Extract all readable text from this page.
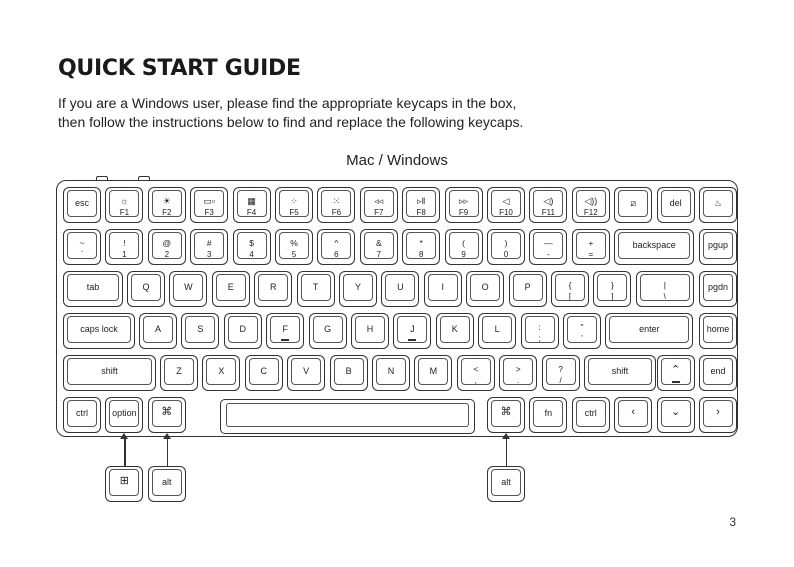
QUICK START GUIDE

If you are a Windows user, please find the appropriate keycaps in the box,
then follow the instructions below to find and replace the following keycaps.

Mac / Windows
esc	☼
F1
☀
F2
▭▫
F3
▦
F4
⁘
F5
⁙
F6
◃◃
F7
▹‖
F8
▹▹
F9
◁
F10
◁)
F11
◁))
F12
del
⧄	♨
~
`
!
1
@
2
#
3
$
4
%
5
^
6
&
7
*
8
(
9
)
0
—
-
+
=
backspace	pgup
tab	Q	W	E	R	T	Y	U	I	O	P	{
[
}
]
|
\
pgdn
caps lock	A	S	D	F	G	H	J	K	L	:
;
"
'
enter	home
shift	Z	X	C	V	B	N	M	<
,
>
.
?
/
shift	⌃	end
ctrl	option	⌘	⌘	fn	ctrl	‹	⌄	›
⊞	alt	alt
3
